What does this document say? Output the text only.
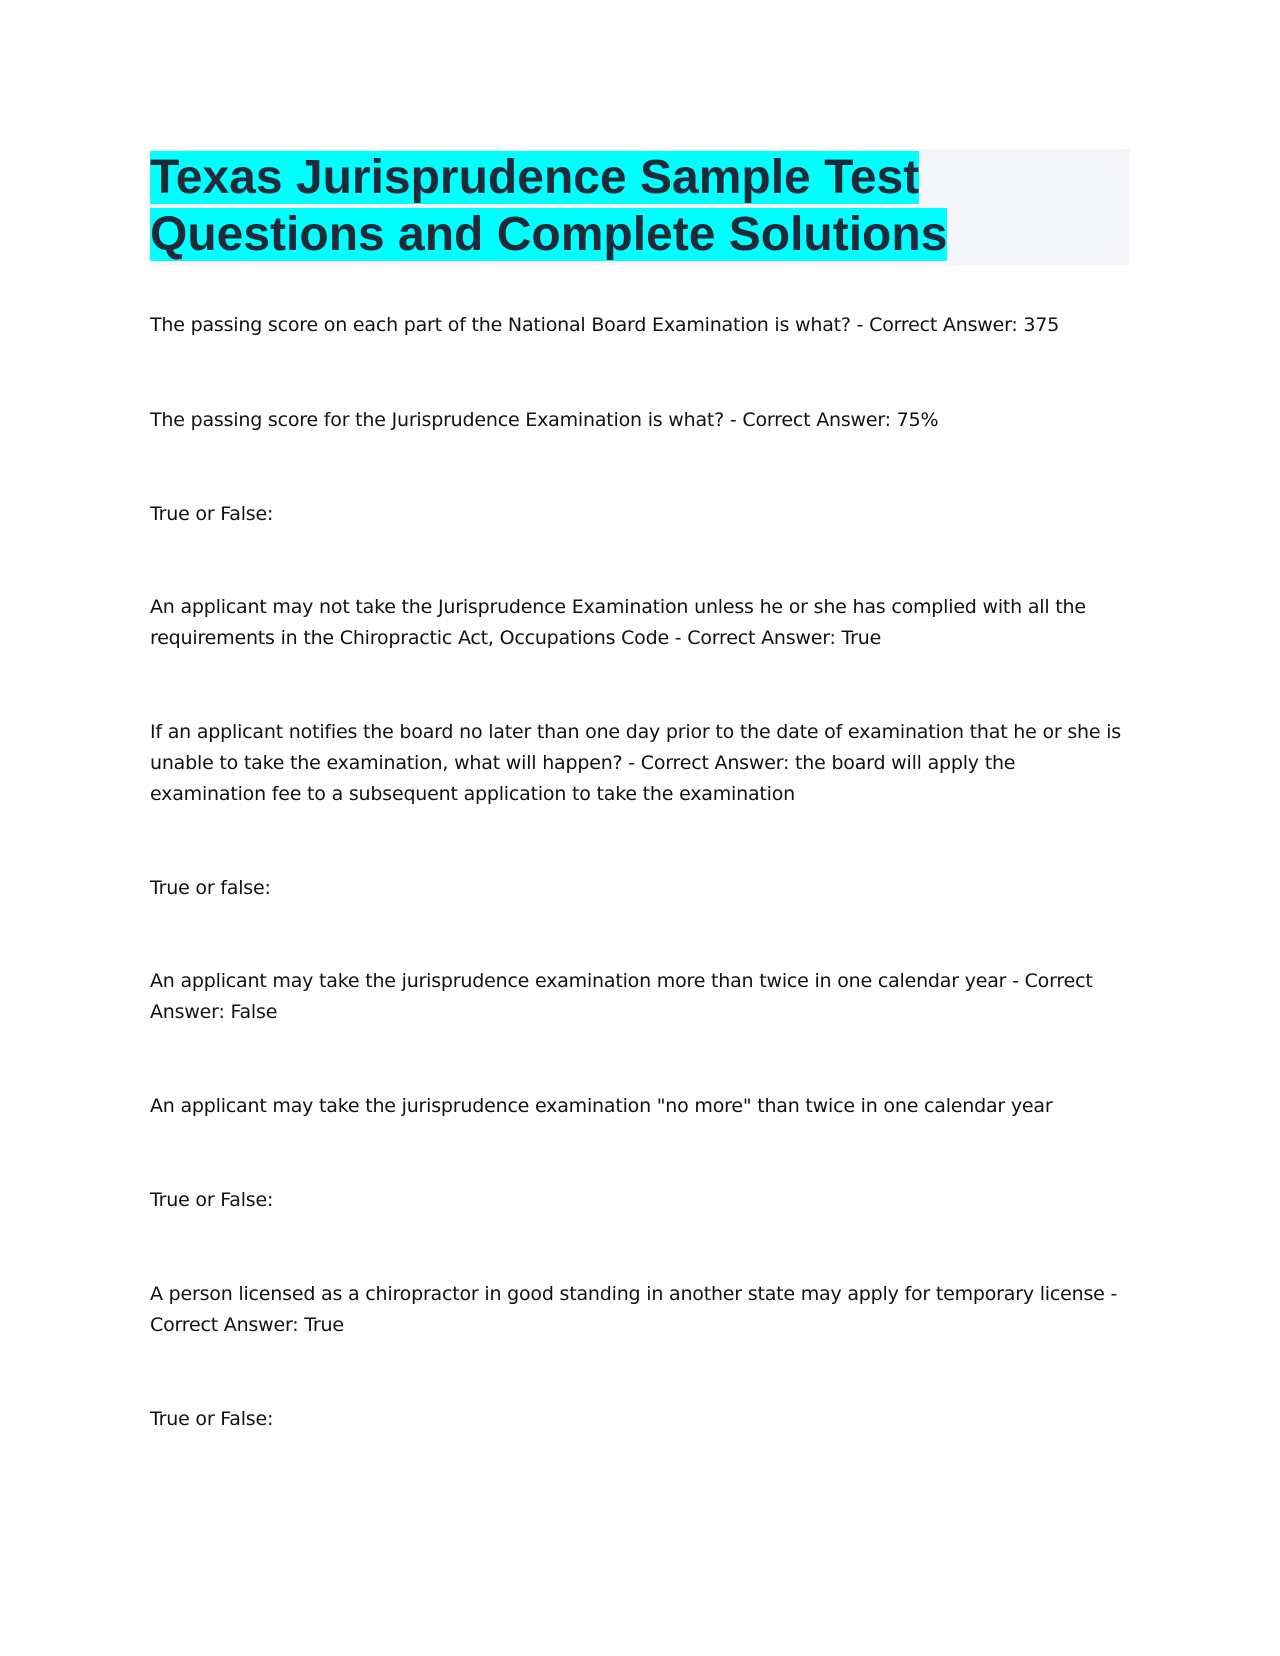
Texas Jurisprudence Sample Test
Questions and Complete Solutions

The passing score on each part of the National Board Examination is what? - Correct Answer: 375

The passing score for the Jurisprudence Examination is what? - Correct Answer: 75%

True or False:

An applicant may not take the Jurisprudence Examination unless he or she has complied with all the requirements in the Chiropractic Act, Occupations Code - Correct Answer: True

If an applicant notifies the board no later than one day prior to the date of examination that he or she is unable to take the examination, what will happen? - Correct Answer: the board will apply the examination fee to a subsequent application to take the examination

True or false:

An applicant may take the jurisprudence examination more than twice in one calendar year - Correct Answer: False

An applicant may take the jurisprudence examination "no more" than twice in one calendar year

True or False:

A person licensed as a chiropractor in good standing in another state may apply for temporary license - Correct Answer: True

True or False:
